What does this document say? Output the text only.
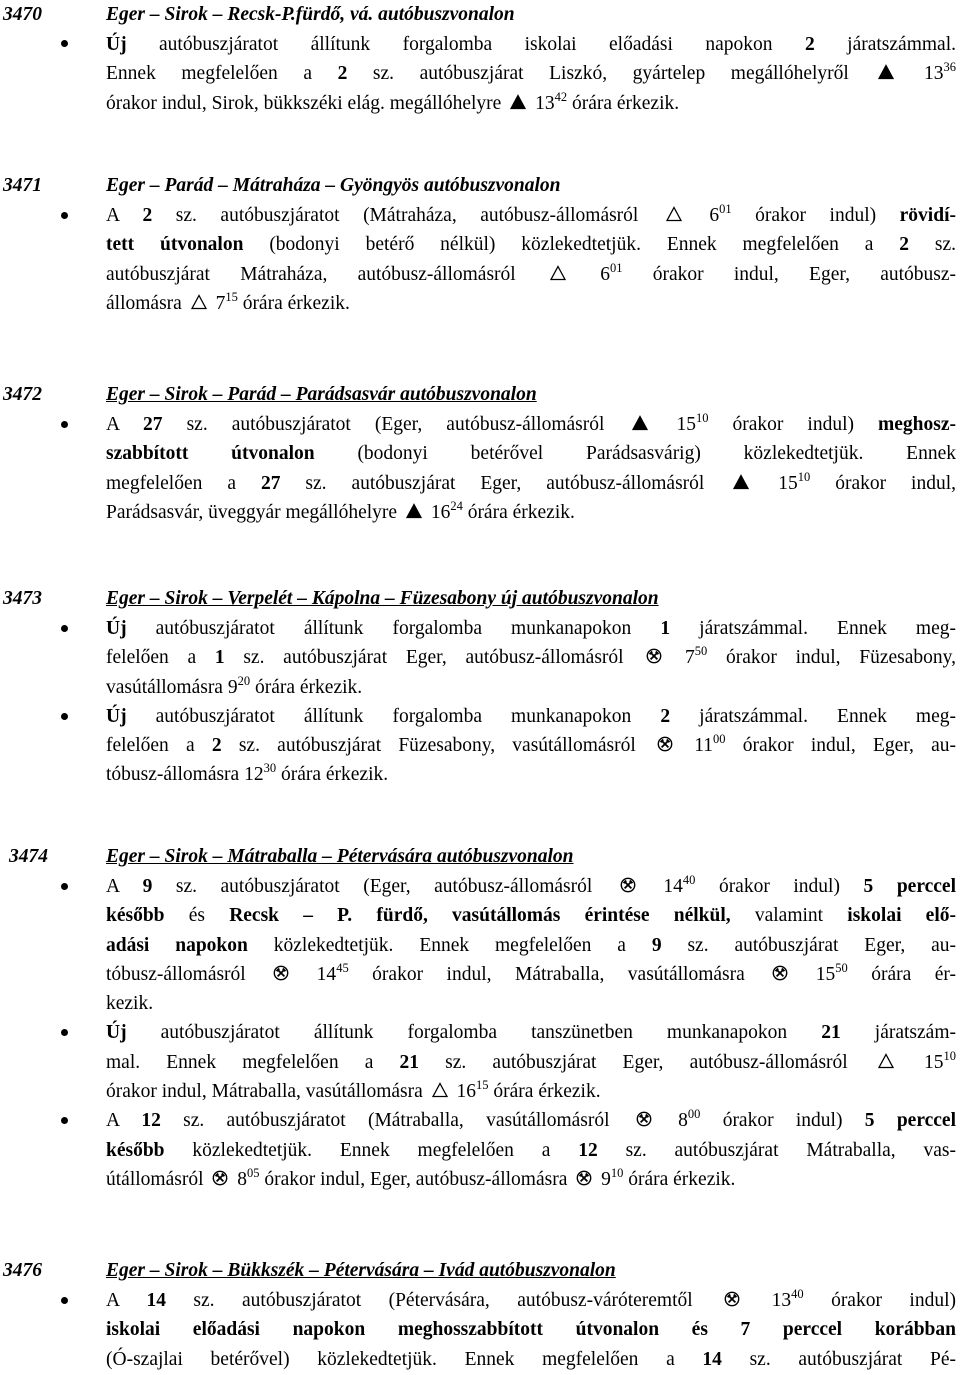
3470	Eger – Sirok – Recsk-P.fürdő, vá. autóbuszvonalon

Új autóbuszjáratot állítunk forgalomba iskolai előadási napokon 2 járatszámmal.

Ennek megfelelően a 2 sz. autóbuszjárat Liszkó, gyártelep megállóhelyről
$13^{36}$

órakor indul, Sirok, bükkszéki elág. megállóhelyre
$13^{42}$ órára érkezik.

3471	Eger – Parád – Mátraháza – Gyöngyös autóbuszvonalon

A 2 sz. autóbuszjáratot (Mátraháza, autóbusz-állomásról
$6^{01}$ órakor indul) rövidí-

tett útvonalon (bodonyi betérő nélkül) közlekedtetjük. Ennek megfelelően a 2 sz.

autóbuszjárat Mátraháza, autóbusz-állomásról
$6^{01}$ órakor indul, Eger, autóbusz-

állomásra
$7^{15}$ órára érkezik.

3472	Eger – Sirok – Parád – Parádsasvár autóbuszvonalon

A 27 sz. autóbuszjáratot (Eger, autóbusz-állomásról
$15^{10}$ órakor indul) meghosz-

szabbított útvonalon (bodonyi betérővel Parádsasvárig) közlekedtetjük. Ennek

megfelelően a 27 sz. autóbuszjárat Eger, autóbusz-állomásról
$15^{10}$ órakor indul,

Parádsasvár, üveggyár megállóhelyre
$16^{24}$ órára érkezik.

3473	Eger – Sirok – Verpelét – Kápolna – Füzesabony új autóbuszvonalon

Új autóbuszjáratot állítunk forgalomba munkanapokon 1 járatszámmal. Ennek meg-

felelően a 1 sz. autóbuszjárat Eger, autóbusz-állomásról
$7^{50}$ órakor indul, Füzesabony,

vasútállomásra $9^{20}$ órára érkezik.

Új autóbuszjáratot állítunk forgalomba munkanapokon 2 járatszámmal. Ennek meg-

felelően a 2 sz. autóbuszjárat Füzesabony, vasútállomásról
$11^{00}$ órakor indul, Eger, au-

tóbusz-állomásra $12^{30}$ órára érkezik.

3474	Eger – Sirok – Mátraballa – Pétervására autóbuszvonalon

A 9 sz. autóbuszjáratot (Eger, autóbusz-állomásról
$14^{40}$ órakor indul) 5 perccel

később és Recsk – P. fürdő, vasútállomás érintése nélkül, valamint iskolai elő-

adási napokon közlekedtetjük. Ennek megfelelően a 9 sz. autóbuszjárat Eger, au-

tóbusz-állomásról
$14^{45}$ órakor indul, Mátraballa, vasútállomásra
$15^{50}$ órára ér-

kezik.

Új autóbuszjáratot állítunk forgalomba tanszünetben munkanapokon 21 járatszám-

mal. Ennek megfelelően a 21 sz. autóbuszjárat Eger, autóbusz-állomásról
$15^{10}$

órakor indul, Mátraballa, vasútállomásra
$16^{15}$ órára érkezik.

A 12 sz. autóbuszjáratot (Mátraballa, vasútállomásról
$8^{00}$ órakor indul) 5 perccel

később közlekedtetjük. Ennek megfelelően a 12 sz. autóbuszjárat Mátraballa, vas-

útállomásról
$8^{05}$ órakor indul, Eger, autóbusz-állomásra
$9^{10}$ órára érkezik.

3476	Eger – Sirok – Bükkszék – Pétervására – Ivád autóbuszvonalon

A 14 sz. autóbuszjáratot (Pétervására, autóbusz-váróteremtől
$13^{40}$ órakor indul)

iskolai előadási napokon meghosszabbított útvonalon és 7 perccel korábban

(Ó-szajlai betérővel) közlekedtetjük. Ennek megfelelően a 14 sz. autóbuszjárat Pé-
